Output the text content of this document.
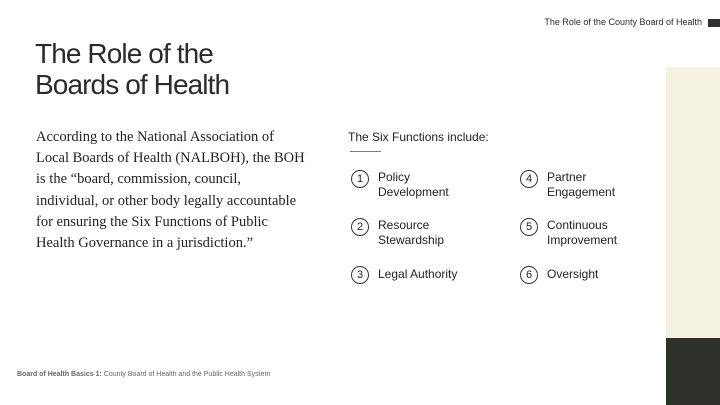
The Role of the County Board of Health
The Role of the
Boards of Health

According to the National Association of Local Boards of Health (NALBOH), the BOH is the “board, commission, council, individual, or other body legally accountable for ensuring the Six Functions of Public Health Governance in a jurisdiction.”

The Six Functions include:
1	Policy
Development
2	Resource
Stewardship
3	Legal Authority
4	Partner
Engagement
5	Continuous
Improvement
6	Oversight
Board of Health Basics 1: County Board of Health and the Public Health System
